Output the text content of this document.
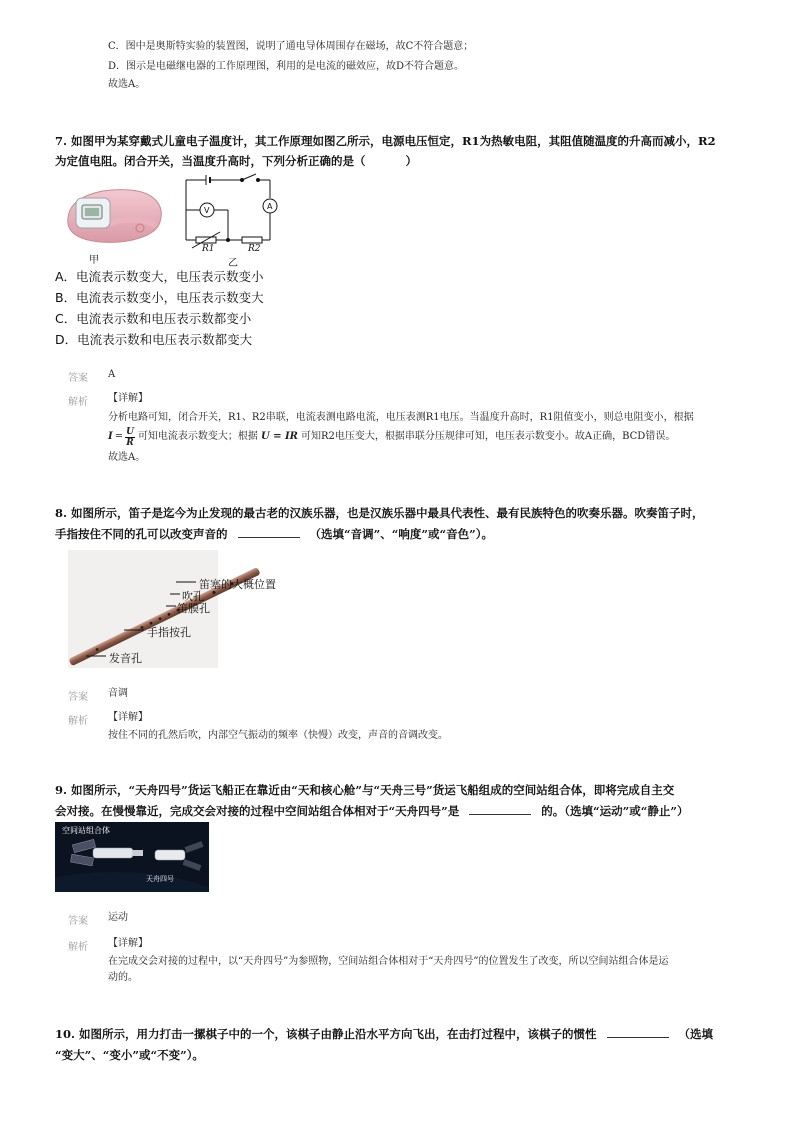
C．图中是奥斯特实验的装置图，说明了通电导体周围存在磁场，故C不符合题意；
D．图示是电磁继电器的工作原理图，利用的是电流的磁效应，故D不符合题意。
故选A。
7. 如图甲为某穿戴式儿童电子温度计，其工作原理如图乙所示，电源电压恒定，R1为热敏电阻，其阻值随温度的升高而减小，R2
为定值电阻。闭合开关，当温度升高时，下列分析正确的是（	）
甲
V	A
R1	R2
乙
A．电流表示数变大，电压表示数变小
B．电流表示数变小，电压表示数变大
C．电流表示数和电压表示数都变小
D．电流表示数和电压表示数都变大
答案 A
解析 【详解】
分析电路可知，闭合开关，R1、R2串联，电流表测电路电流，电压表测R1电压。当温度升高时，R1阻值变小，则总电阻变小，根据
$I = \frac{U}{R}$ 可知电流表示数变大；根据 U = IR 可知R2电压变大，根据串联分压规律可知，电压表示数变小。故A正确，BCD错误。
故选A。
8. 如图所示，笛子是迄今为止发现的最古老的汉族乐器，也是汉族乐器中最具代表性、最有民族特色的吹奏乐器。吹奏笛子时，
手指按住不同的孔可以改变声音的	（选填“音调”、“响度”或“音色”）。
笛塞的大概位置
吹孔
笛膜孔
手指按孔
发音孔
答案 音调
解析 【详解】
按住不同的孔然后吹，内部空气振动的频率（快慢）改变，声音的音调改变。
9. 如图所示，“天舟四号”货运飞船正在靠近由“天和核心舱”与“天舟三号”货运飞船组成的空间站组合体，即将完成自主交
会对接。在慢慢靠近，完成交会对接的过程中空间站组合体相对于“天舟四号”是	的。（选填“运动”或“静止”）
空间站组合体
天舟四号
答案 运动
解析 【详解】
在完成交会对接的过程中，以“天舟四号”为参照物，空间站组合体相对于“天舟四号”的位置发生了改变，所以空间站组合体是运
动的。
10. 如图所示，用力打击一摞棋子中的一个，该棋子由静止沿水平方向飞出，在击打过程中，该棋子的惯性	（选填
“变大”、“变小”或“不变”）。
